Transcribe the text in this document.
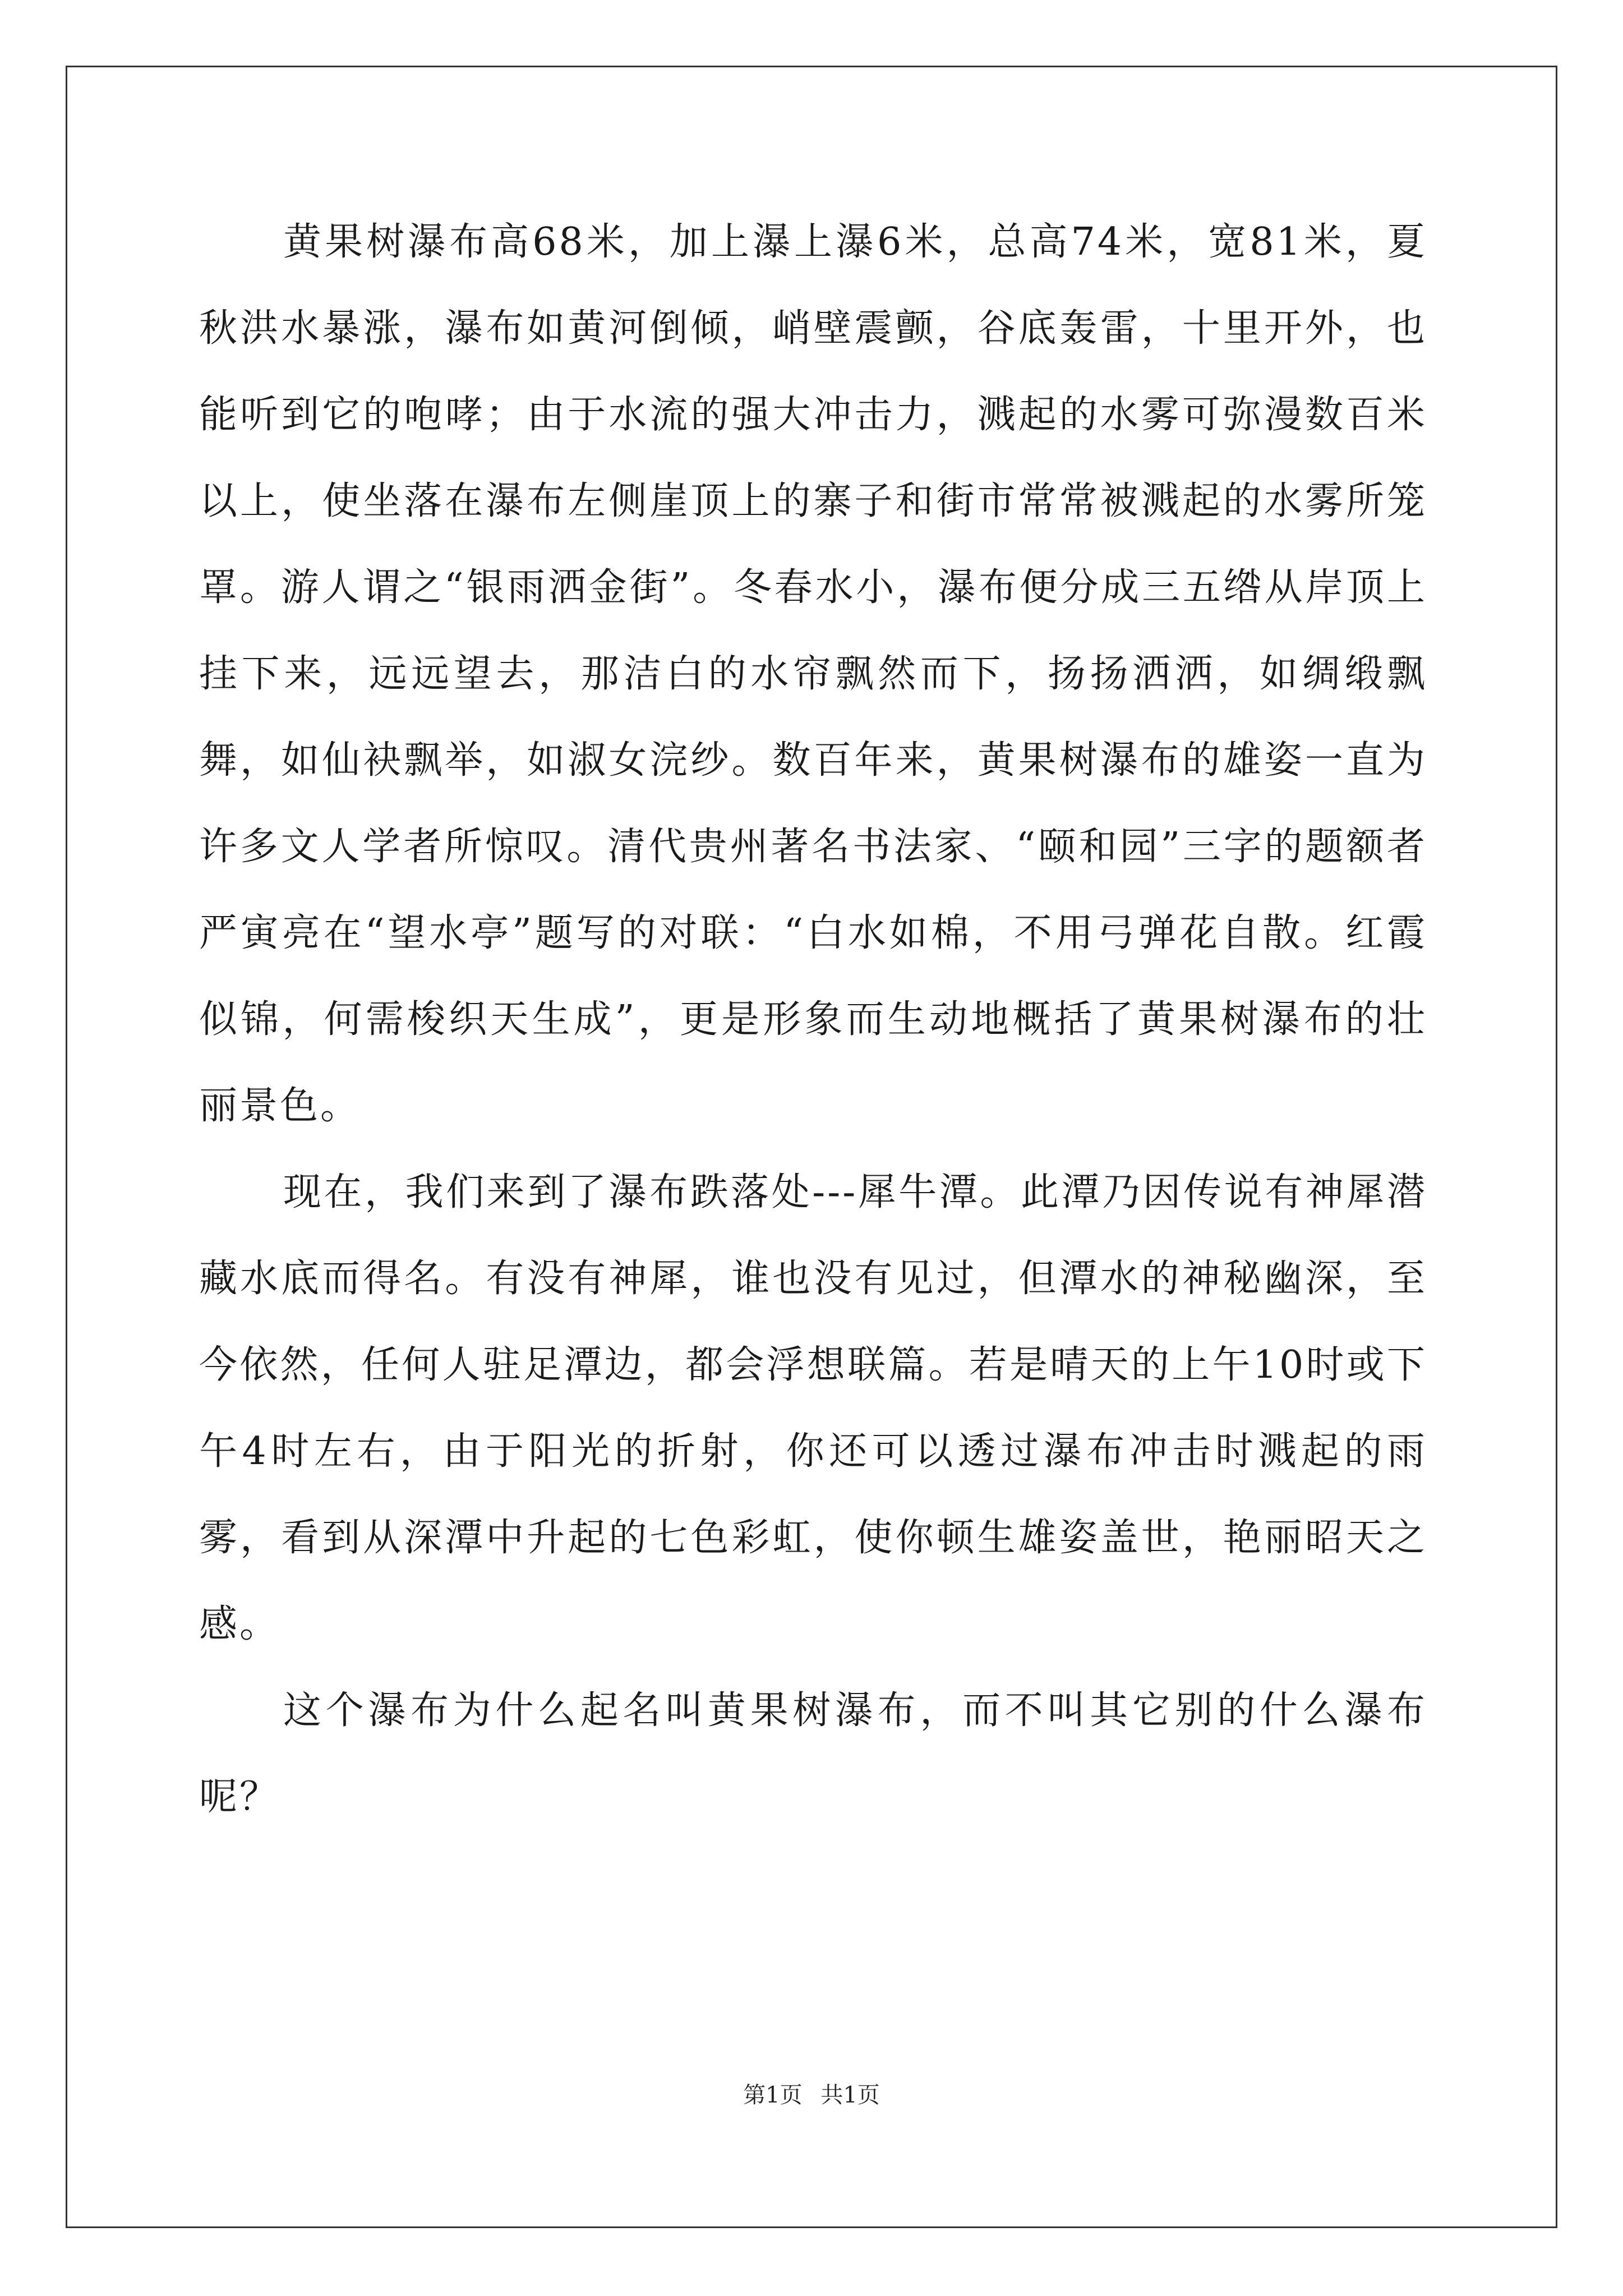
黄果树瀑布高68米，加上瀑上瀑6米，总高74米，宽81米，夏秋洪水暴涨，瀑布如黄河倒倾，峭壁震颤，谷底轰雷，十里开外，也能听到它的咆哮；由于水流的强大冲击力，溅起的水雾可弥漫数百米以上，使坐落在瀑布左侧崖顶上的寨子和街市常常被溅起的水雾所笼罩。游人谓之“银雨洒金街”。冬春水小，瀑布便分成三五绺从岸顶上挂下来，远远望去，那洁白的水帘飘然而下，扬扬洒洒，如绸缎飘舞，如仙袂飘举，如淑女浣纱。数百年来，黄果树瀑布的雄姿一直为许多文人学者所惊叹。清代贵州著名书法家、“颐和园”三字的题额者严寅亮在“望水亭”题写的对联：“白水如棉，不用弓弹花自散。红霞似锦，何需梭织天生成”，更是形象而生动地概括了黄果树瀑布的壮丽景色。

现在，我们来到了瀑布跌落处---犀牛潭。此潭乃因传说有神犀潜藏水底而得名。有没有神犀，谁也没有见过，但潭水的神秘幽深，至今依然，任何人驻足潭边，都会浮想联篇。若是晴天的上午10时或下午4时左右，由于阳光的折射，你还可以透过瀑布冲击时溅起的雨雾，看到从深潭中升起的七色彩虹，使你顿生雄姿盖世，艳丽昭天之感。

这个瀑布为什么起名叫黄果树瀑布，而不叫其它别的什么瀑布呢？

第1页 共1页
